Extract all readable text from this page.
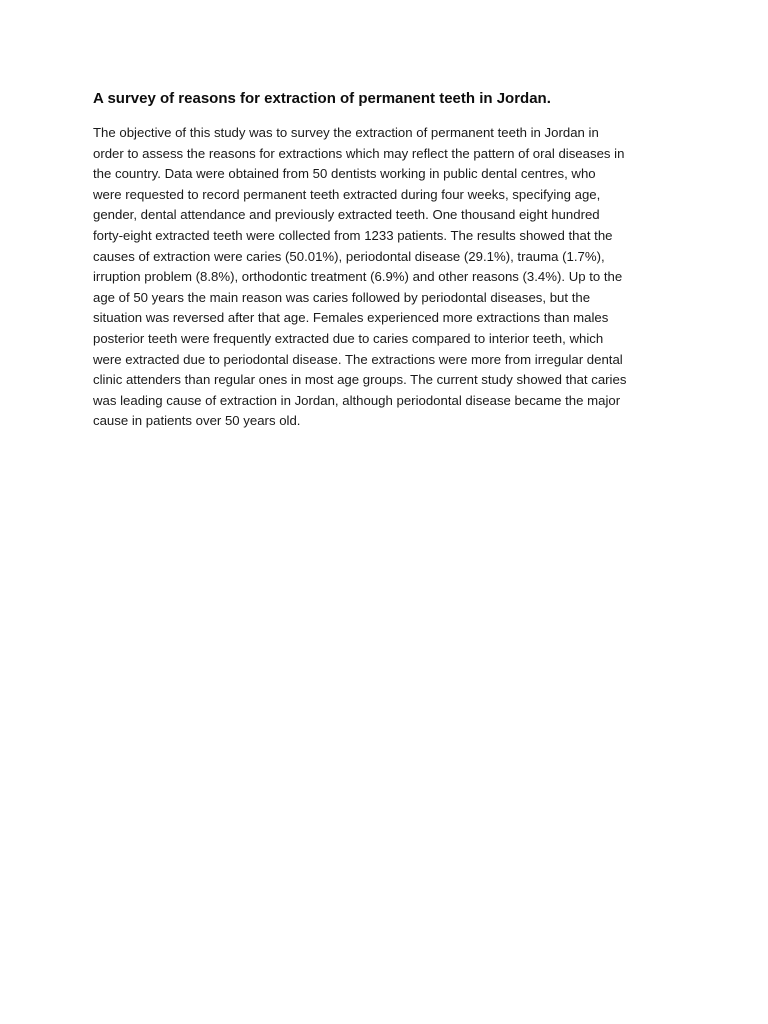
A survey of reasons for extraction of permanent teeth in Jordan.

The objective of this study was to survey the extraction of permanent teeth in Jordan in
order to assess the reasons for extractions which may reflect the pattern of oral diseases in
the country. Data were obtained from 50 dentists working in public dental centres, who
were requested to record permanent teeth extracted during four weeks, specifying age,
gender, dental attendance and previously extracted teeth. One thousand eight hundred
forty-eight extracted teeth were collected from 1233 patients. The results showed that the
causes of extraction were caries (50.01%), periodontal disease (29.1%), trauma (1.7%),
irruption problem (8.8%), orthodontic treatment (6.9%) and other reasons (3.4%). Up to the
age of 50 years the main reason was caries followed by periodontal diseases, but the
situation was reversed after that age. Females experienced more extractions than males
posterior teeth were frequently extracted due to caries compared to interior teeth, which
were extracted due to periodontal disease. The extractions were more from irregular dental
clinic attenders than regular ones in most age groups. The current study showed that caries
was leading cause of extraction in Jordan, although periodontal disease became the major
cause in patients over 50 years old.
